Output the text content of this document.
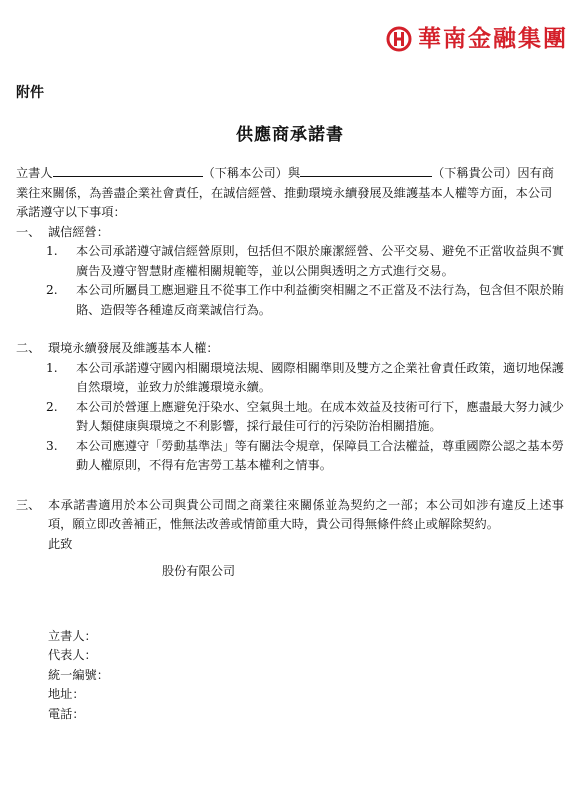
華南金融集團
附件
供應商承諾書

立書人	（下稱本公司）與	（下稱貴公司）因有商業往來關係，為善盡企業社會責任，在誠信經營、推動環境永續發展及維護基本人權等方面，本公司承諾遵守以下事項：

一、 誠信經營：
1.	本公司承諾遵守誠信經營原則，包括但不限於廉潔經營、公平交易、避免不正當收益與不實廣告及遵守智慧財產權相關規範等，並以公開與透明之方式進行交易。
2.	本公司所屬員工應迴避且不從事工作中利益衝突相關之不正當及不法行為，包含但不限於賄賂、造假等各種違反商業誠信行為。
二、 環境永續發展及維護基本人權：
1.	本公司承諾遵守國內相關環境法規、國際相關準則及雙方之企業社會責任政策，適切地保護自然環境，並致力於維護環境永續。
2.	本公司於營運上應避免汙染水、空氣與土地。在成本效益及技術可行下，應盡最大努力減少對人類健康與環境之不利影響，採行最佳可行的污染防治相關措施。
3.	本公司應遵守「勞動基準法」等有關法令規章，保障員工合法權益，尊重國際公認之基本勞動人權原則，不得有危害勞工基本權利之情事。
三、 本承諾書適用於本公司與貴公司間之商業往來關係並為契約之一部；本公司如涉有違反上述事項，願立即改善補正，惟無法改善或情節重大時，貴公司得無條件終止或解除契約。

此致

股份有限公司

立書人：

代表人：

統一編號：

地址：

電話：
